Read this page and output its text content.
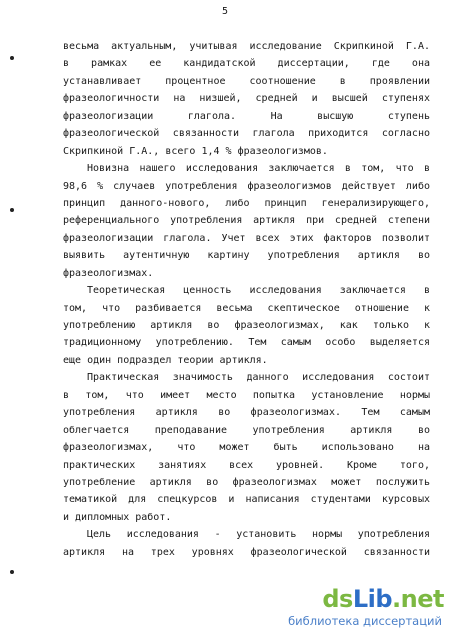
5
весьма актуальным, учитывая исследование Скрипкиной Г.А.
в рамках ее кандидатской диссертации, где она
устанавливает процентное соотношение в проявлении
фразеологичности на низшей, средней и высшей ступенях
фразеологизации глагола. На высшую ступень
фразеологической связанности глагола приходится согласно
Скрипкиной Г.А., всего 1,4 % фразеологизмов.
Новизна нашего исследования заключается в том, что в
98,6 % случаев употребления фразеологизмов действует либо
принцип данного-нового, либо принцип генерализирующего,
референциального употребления артикля при средней степени
фразеологизации глагола. Учет всех этих факторов позволит
выявить аутентичную картину употребления артикля во
фразеологизмах.
Теоретическая ценность исследования заключается в
том, что разбивается весьма скептическое отношение к
употреблению артикля во фразеологизмах, как только к
традиционному употреблению. Тем самым особо выделяется
еще один подраздел теории артикля.
Практическая значимость данного исследования состоит
в том, что имеет место попытка установление нормы
употребления артикля во фразеологизмах. Тем самым
облегчается преподавание употребления артикля во
фразеологизмах, что может быть использовано на
практических занятиях всех уровней. Кроме того,
употребление артикля во фразеологизмах может послужить
тематикой для спецкурсов и написания студентами курсовых
и дипломных работ.
Цель исследования - установить нормы употребления
артикля на трех уровнях фразеологической связанности
ds Lib . net
библиотека диссертаций
